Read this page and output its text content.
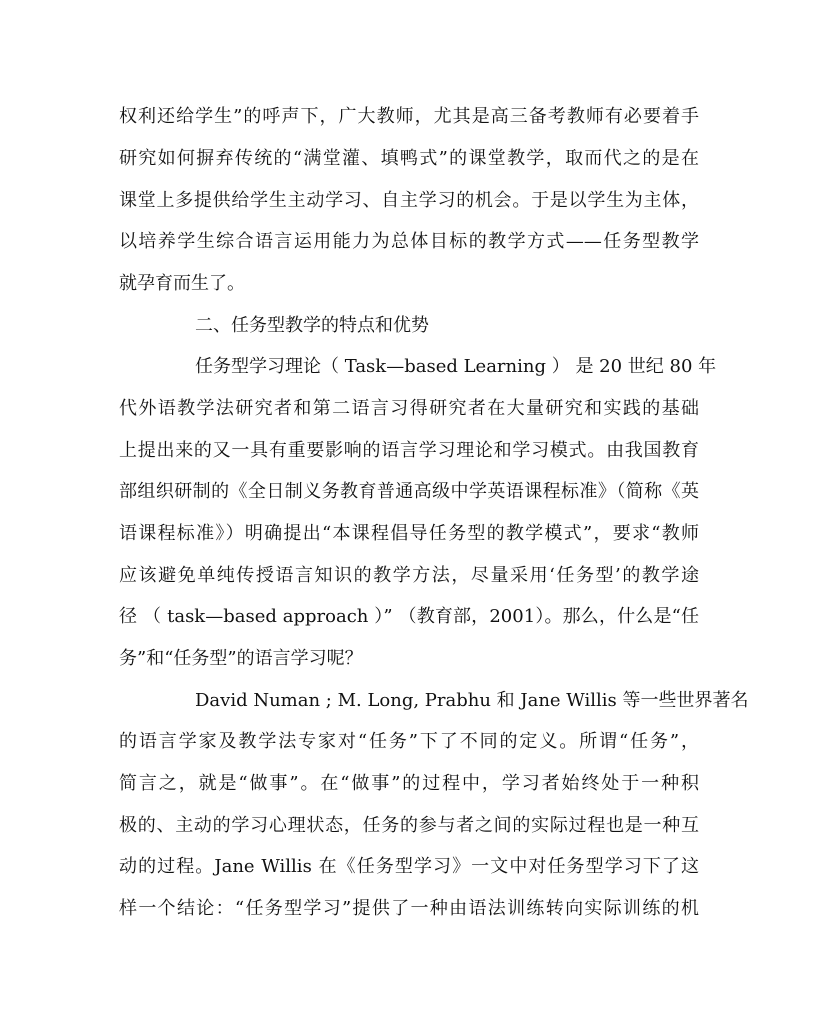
权利还给学生”的呼声下，广大教师，尤其是高三备考教师有必要着手
研究如何摒弃传统的“满堂灌、填鸭式”的课堂教学，取而代之的是在
课堂上多提供给学生主动学习、自主学习的机会。于是以学生为主体，
以培养学生综合语言运用能力为总体目标的教学方式——任务型教学
就孕育而生了。
二、任务型教学的特点和优势
任务型学习理论（ Task—based Learning ） 是 20 世纪 80 年
代外语教学法研究者和第二语言习得研究者在大量研究和实践的基础
上提出来的又一具有重要影响的语言学习理论和学习模式。由我国教育
部组织研制的《全日制义务教育普通高级中学英语课程标准》（简称《英
语课程标准》）明确提出“本课程倡导任务型的教学模式”，要求“教师
应该避免单纯传授语言知识的教学方法，尽量采用‘任务型’的教学途
径 （ task—based approach ）” （教育部，2001）。那么，什么是“任
务”和“任务型”的语言学习呢？
David Numan ; M. Long, Prabhu 和 Jane Willis 等一些世界著名
的语言学家及教学法专家对“任务”下了不同的定义。所谓“任务”，
简言之，就是“做事”。在“做事”的过程中，学习者始终处于一种积
极的、主动的学习心理状态，任务的参与者之间的实际过程也是一种互
动的过程。Jane Willis 在《任务型学习》一文中对任务型学习下了这
样一个结论：“任务型学习”提供了一种由语法训练转向实际训练的机
